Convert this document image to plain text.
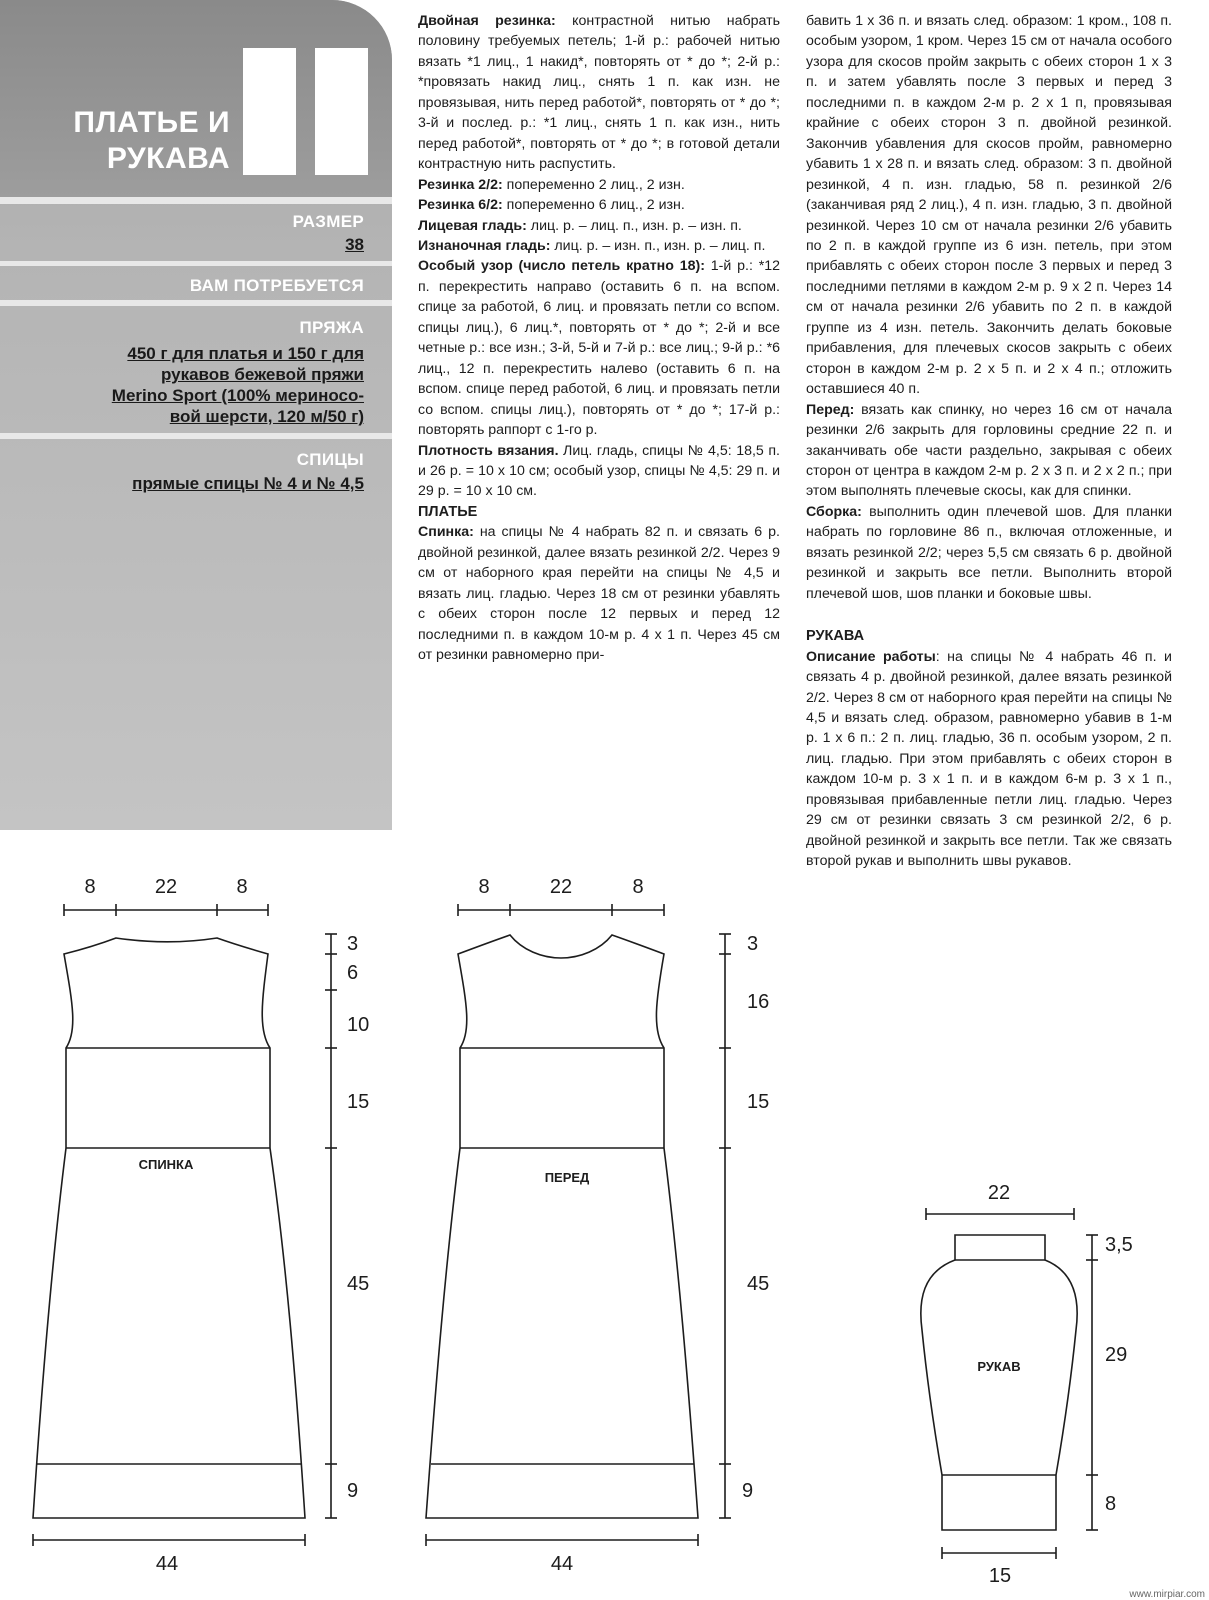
ПЛАТЬЕ И
РУКАВА
РАЗМЕР
38
ВАМ ПОТРЕБУЕТСЯ
ПРЯЖА
450 г для платья и 150 г для
рукавов бежевой пряжи
Merino Sport (100% мериносо-
вой шерсти, 120 м/50 г)
СПИЦЫ
прямые спицы № 4 и № 4,5

Двойная резинка: контрастной нитью набрать половину требуемых петель; 1-й р.: рабочей нитью вязать *1 лиц., 1 накид*, повторять от * до *; 2-й р.: *провязать накид лиц., снять 1 п. как изн. не провязывая, нить перед работой*, повторять от * до *; 3-й и послед. р.: *1 лиц., снять 1 п. как изн., нить перед работой*, повторять от * до *; в готовой детали контрастную нить распустить.

Резинка 2/2: попеременно 2 лиц., 2 изн.

Резинка 6/2: попеременно 6 лиц., 2 изн.

Лицевая гладь: лиц. р. – лиц. п., изн. р. – изн. п.

Изнаночная гладь: лиц. р. – изн. п., изн. р. – лиц. п.

Особый узор (число петель кратно 18): 1-й р.: *12 п. перекрестить направо (оставить 6 п. на вспом. спице за работой, 6 лиц. и провязать петли со вспом. спицы лиц.), 6 лиц.*, повторять от * до *; 2-й и все четные р.: все изн.; 3-й, 5-й и 7-й р.: все лиц.; 9-й р.: *6 лиц., 12 п. перекрестить налево (оставить 6 п. на вспом. спице перед работой, 6 лиц. и провязать петли со вспом. спицы лиц.), повторять от * до *; 17-й р.: повторять раппорт с 1-го р.

Плотность вязания. Лиц. гладь, спицы № 4,5: 18,5 п. и 26 р. = 10 х 10 см; особый узор, спицы № 4,5: 29 п. и 29 р. = 10 х 10 см.

ПЛАТЬЕ

Спинка: на спицы № 4 набрать 82 п. и связать 6 р. двойной резинкой, далее вязать резинкой 2/2. Через 9 см от наборного края перейти на спицы № 4,5 и вязать лиц. гладью. Через 18 см от резинки убавлять с обеих сторон после 12 первых и перед 12 последними п. в каждом 10-м р. 4 х 1 п. Через 45 см от резинки равномерно при-

бавить 1 х 36 п. и вязать след. образом: 1 кром., 108 п. особым узором, 1 кром. Через 15 см от начала особого узора для скосов пройм закрыть с обеих сторон 1 х 3 п. и затем убавлять после 3 первых и перед 3 последними п. в каждом 2-м р. 2 х 1 п, провязывая крайние с обеих сторон 3 п. двойной резинкой. Закончив убавления для скосов пройм, равномерно убавить 1 х 28 п. и вязать след. образом: 3 п. двойной резинкой, 4 п. изн. гладью, 58 п. резинкой 2/6 (заканчивая ряд 2 лиц.), 4 п. изн. гладью, 3 п. двойной резинкой. Через 10 см от начала резинки 2/6 убавить по 2 п. в каждой группе из 6 изн. петель, при этом прибавлять с обеих сторон после 3 первых и перед 3 последними петлями в каждом 2-м р. 9 х 2 п. Через 14 см от начала резинки 2/6 убавить по 2 п. в каждой группе из 4 изн. петель. Закончить делать боковые прибавления, для плечевых скосов закрыть с обеих сторон в каждом 2-м р. 2 х 5 п. и 2 х 4 п.; отложить оставшиеся 40 п.

Перед: вязать как спинку, но через 16 см от начала резинки 2/6 закрыть для горловины средние 22 п. и заканчивать обе части раздельно, закрывая с обеих сторон от центра в каждом 2-м р. 2 х 3 п. и 2 х 2 п.; при этом выполнять плечевые скосы, как для спинки.

Сборка: выполнить один плечевой шов. Для планки набрать по горловине 86 п., включая отложенные, и вязать резинкой 2/2; через 5,5 см связать 6 р. двойной резинкой и закрыть все петли. Выполнить второй плечевой шов, шов планки и боковые швы.

РУКАВА

Описание работы: на спицы № 4 набрать 46 п. и связать 4 р. двойной резинкой, далее вязать резинкой 2/2. Через 8 см от наборного края перейти на спицы № 4,5 и вязать след. образом, равномерно убавив в 1-м р. 1 х 6 п.: 2 п. лиц. гладью, 36 п. особым узором, 2 п. лиц. гладью. При этом прибавлять с обеих сторон в каждом 10-м р. 3 х 1 п. и в каждом 6-м р. 3 х 1 п., провязывая прибавленные петли лиц. гладью. Через 29 см от резинки связать 3 см резинкой 2/2, 6 р. двойной резинкой и закрыть все петли. Так же связать второй рукав и выполнить швы рукавов.

8	22	8
3
6
10
15
45
9
44
СПИНКА
8	22	8
3
16
15
45
9
44
ПЕРЕД
22
3,5
29
8
15
РУКАВ
www.mirpiar.com
